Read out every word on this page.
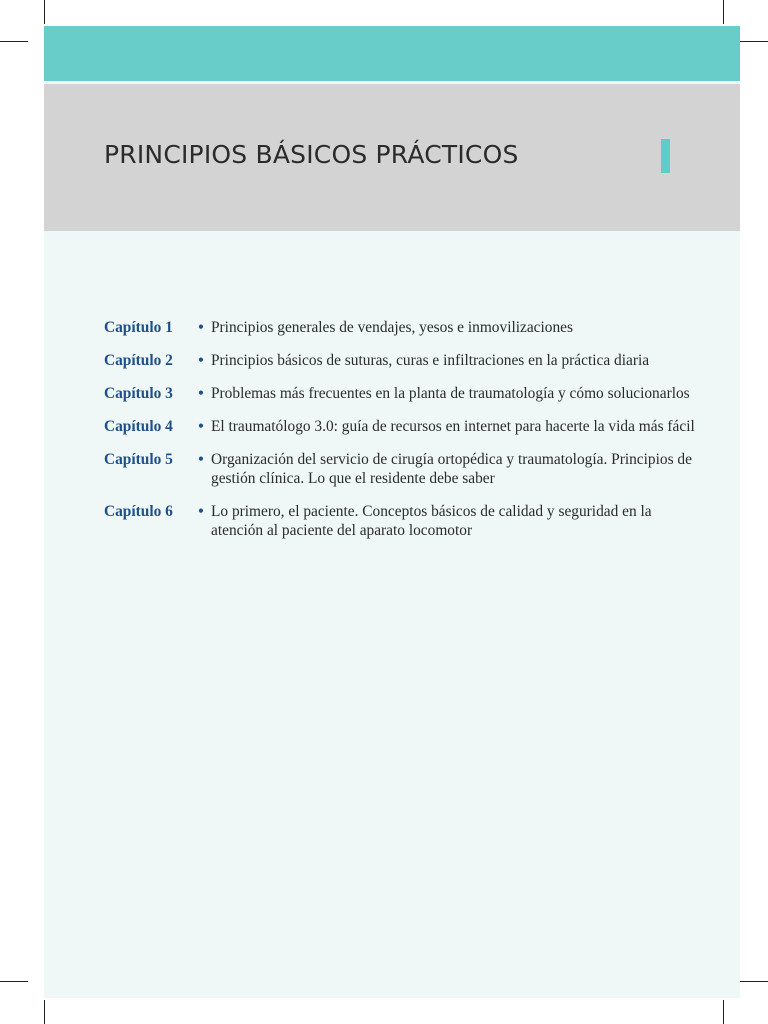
PRINCIPIOS BÁSICOS PRÁCTICOS
Capítulo 1	• Principios generales de vendajes, yesos e inmovilizaciones
Capítulo 2	• Principios básicos de suturas, curas e infiltraciones en la práctica diaria
Capítulo 3	• Problemas más frecuentes en la planta de traumatología y cómo solucionarlos
Capítulo 4	• El traumatólogo 3.0: guía de recursos en internet para hacerte la vida más fácil
Capítulo 5	• Organización del servicio de cirugía ortopédica y traumatología. Principios de gestión clínica. Lo que el residente debe saber
Capítulo 6	• Lo primero, el paciente. Conceptos básicos de calidad y seguridad en la atención al paciente del aparato locomotor
